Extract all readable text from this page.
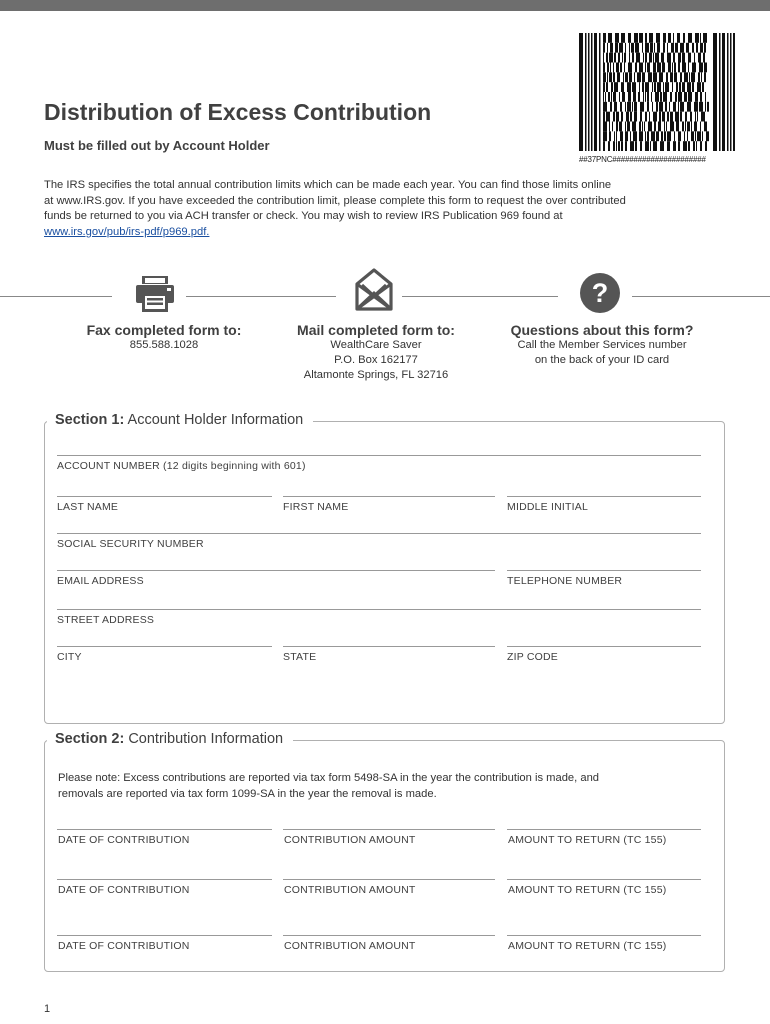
##37PNC######################
Distribution of Excess Contribution
Must be filled out by Account Holder
The IRS specifies the total annual contribution limits which can be made each year. You can find those limits online
at www.IRS.gov. If you have exceeded the contribution limit, please complete this form to request the over contributed
funds be returned to you via ACH transfer or check. You may wish to review IRS Publication 969 found at
www.irs.gov/pub/irs-pdf/p969.pdf.
?
Fax completed form to:
855.588.1028
Mail completed form to:
WealthCare Saver
P.O. Box 162177
Altamonte Springs, FL 32716
Questions about this form?
Call the Member Services number
on the back of your ID card
Section 1: Account Holder Information
ACCOUNT NUMBER (12 digits beginning with 601)
LAST NAME	FIRST NAME	MIDDLE INITIAL
SOCIAL SECURITY NUMBER
EMAIL ADDRESS	TELEPHONE NUMBER
STREET ADDRESS
CITY	STATE	ZIP CODE
Section 2: Contribution Information
Please note: Excess contributions are reported via tax form 5498-SA in the year the contribution is made, and
removals are reported via tax form 1099-SA in the year the removal is made.
DATE OF CONTRIBUTION	CONTRIBUTION AMOUNT	AMOUNT TO RETURN (TC 155)
DATE OF CONTRIBUTION	CONTRIBUTION AMOUNT	AMOUNT TO RETURN (TC 155)
DATE OF CONTRIBUTION	CONTRIBUTION AMOUNT	AMOUNT TO RETURN (TC 155)
1
